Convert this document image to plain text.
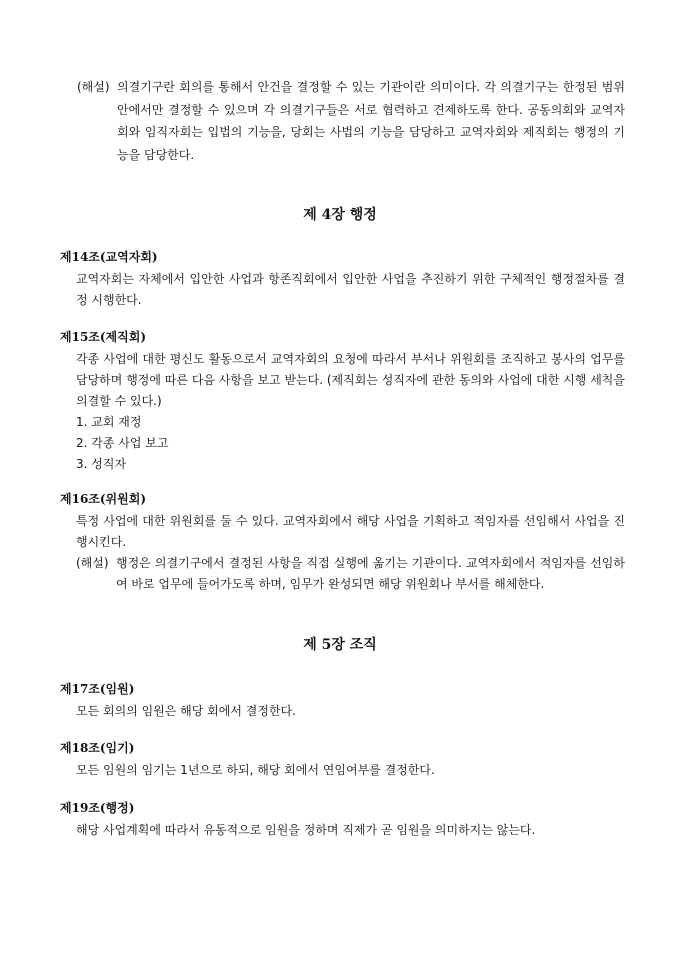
(해설) 의결기구란 회의를 통해서 안건을 결정할 수 있는 기관이란 의미이다. 각 의결기구는 한정된 범위 안에서만 결정할 수 있으며 각 의결기구들은 서로 협력하고 견제하도록 한다. 공동의회와 교역자회와 임직자회는 입법의 기능을, 당회는 사법의 기능을 담당하고 교역자회와 제직회는 행정의 기능을 담당한다.
제 4장 행정
제14조(교역자회)
교역자회는 자체에서 입안한 사업과 항존직회에서 입안한 사업을 추진하기 위한 구체적인 행정절차를 결정 시행한다.
제15조(제직회)
각종 사업에 대한 평신도 활동으로서 교역자회의 요청에 따라서 부서나 위원회를 조직하고 봉사의 업무를 담당하며 행정에 따른 다음 사항을 보고 받는다. (제직회는 성직자에 관한 동의와 사업에 대한 시행 세칙을 의결할 수 있다.)
1. 교회 재정
2. 각종 사업 보고
3. 성직자
제16조(위원회)
특정 사업에 대한 위원회를 둘 수 있다. 교역자회에서 해당 사업을 기획하고 적임자를 선임해서 사업을 진행시킨다.
(해설) 행정은 의결기구에서 결정된 사항을 직접 실행에 옮기는 기관이다. 교역자회에서 적임자를 선임하여 바로 업무에 들어가도록 하며, 임무가 완성되면 해당 위원회나 부서를 해체한다.
제 5장 조직
제17조(임원)
모든 회의의 임원은 해당 회에서 결정한다.
제18조(임기)
모든 임원의 임기는 1년으로 하되, 해당 회에서 연임여부를 결정한다.
제19조(행정)
해당 사업계획에 따라서 유동적으로 임원을 정하며 직제가 곧 임원을 의미하지는 않는다.
